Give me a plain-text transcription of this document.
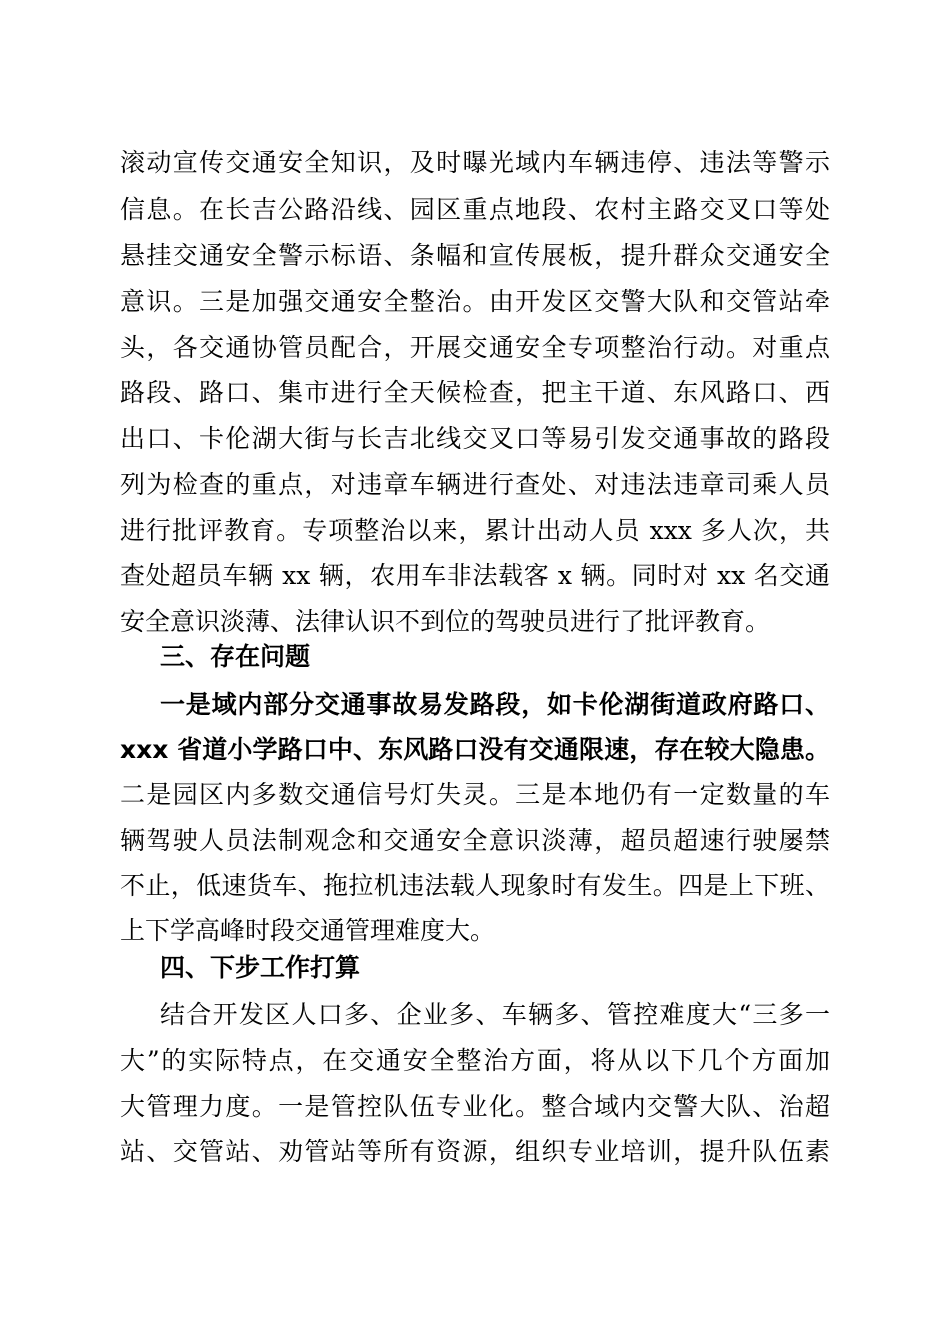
滚动宣传交通安全知识，及时曝光域内车辆违停、违法等警示
信息。在长吉公路沿线、园区重点地段、农村主路交叉口等处
悬挂交通安全警示标语、条幅和宣传展板，提升群众交通安全
意识。三是加强交通安全整治。由开发区交警大队和交管站牵
头，各交通协管员配合，开展交通安全专项整治行动。对重点
路段、路口、集市进行全天候检查，把主干道、东风路口、西
出口、卡伦湖大街与长吉北线交叉口等易引发交通事故的路段
列为检查的重点，对违章车辆进行查处、对违法违章司乘人员
进行批评教育。专项整治以来，累计出动人员 xxx 多人次，共
查处超员车辆 xx 辆，农用车非法载客 x 辆。同时对 xx 名交通
安全意识淡薄、法律认识不到位的驾驶员进行了批评教育。
三、存在问题
一是域内部分交通事故易发路段，如卡伦湖街道政府路口、
xxx 省道小学路口中、东风路口没有交通限速，存在较大隐患。
二是园区内多数交通信号灯失灵。三是本地仍有一定数量的车
辆驾驶人员法制观念和交通安全意识淡薄，超员超速行驶屡禁
不止，低速货车、拖拉机违法载人现象时有发生。四是上下班、
上下学高峰时段交通管理难度大。
四、下步工作打算
结合开发区人口多、企业多、车辆多、管控难度大“三多一
大”的实际特点，在交通安全整治方面，将从以下几个方面加
大管理力度。一是管控队伍专业化。整合域内交警大队、治超
站、交管站、劝管站等所有资源，组织专业培训，提升队伍素
